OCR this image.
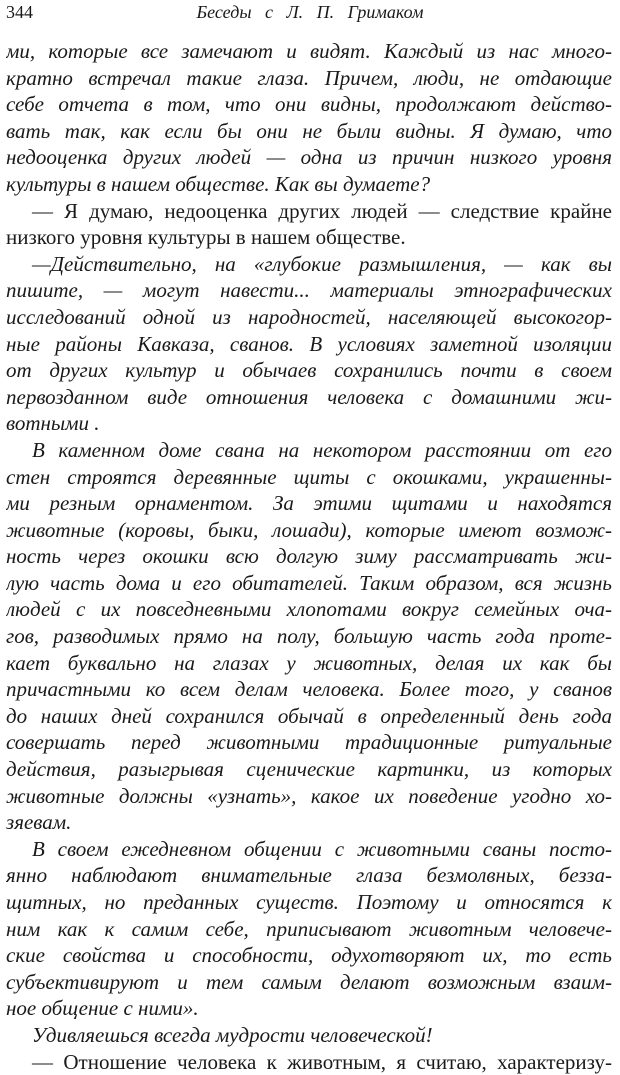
344	Беседы с Л. П. Гримаком
ми, которые все замечают и видят. Каждый из нас много-
кратно встречал такие глаза. Причем, люди, не отдающие
себе отчета в том, что они видны, продолжают действо-
вать так, как если бы они не были видны. Я думаю, что
недооценка других людей — одна из причин низкого уровня
культуры в нашем обществе. Как вы думаете?
— Я думаю, недооценка других людей — следствие крайне
низкого уровня культуры в нашем обществе.
—Действительно, на «глубокие размышления, — как вы
пишите, — могут навести... материалы этнографических
исследований одной из народностей, населяющей высокогор-
ные районы Кавказа, сванов. В условиях заметной изоляции
от других культур и обычаев сохранились почти в своем
первозданном виде отношения человека с домашними жи-
вотными .
В каменном доме свана на некотором расстоянии от его
стен строятся деревянные щиты с окошками, украшенны-
ми резным орнаментом. За этими щитами и находятся
животные (коровы, быки, лошади), которые имеют возмож-
ность через окошки всю долгую зиму рассматривать жи-
лую часть дома и его обитателей. Таким образом, вся жизнь
людей с их повседневными хлопотами вокруг семейных оча-
гов, разводимых прямо на полу, большую часть года проте-
кает буквально на глазах у животных, делая их как бы
причастными ко всем делам человека. Более того, у сванов
до наших дней сохранился обычай в определенный день года
совершать перед животными традиционные ритуальные
действия, разыгрывая сценические картинки, из которых
животные должны «узнать», какое их поведение угодно хо-
зяевам.
В своем ежедневном общении с животными сваны посто-
янно наблюдают внимательные глаза безмолвных, безза-
щитных, но преданных существ. Поэтому и относятся к
ним как к самим себе, приписывают животным человече-
ские свойства и способности, одухотворяют их, то есть
субъективируют и тем самым делают возможным взаим-
ное общение с ними».
Удивляешься всегда мудрости человеческой!
— Отношение человека к животным, я считаю, характеризу-
